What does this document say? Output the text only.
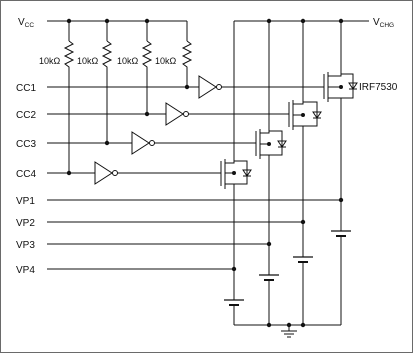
10kΩ 10kΩ 10kΩ 10kΩ
IRF7530
$V_{CC}$	$V_{CHG}$
CC1
CC2
CC3
CC4
VP1
VP2
VP3
VP4
